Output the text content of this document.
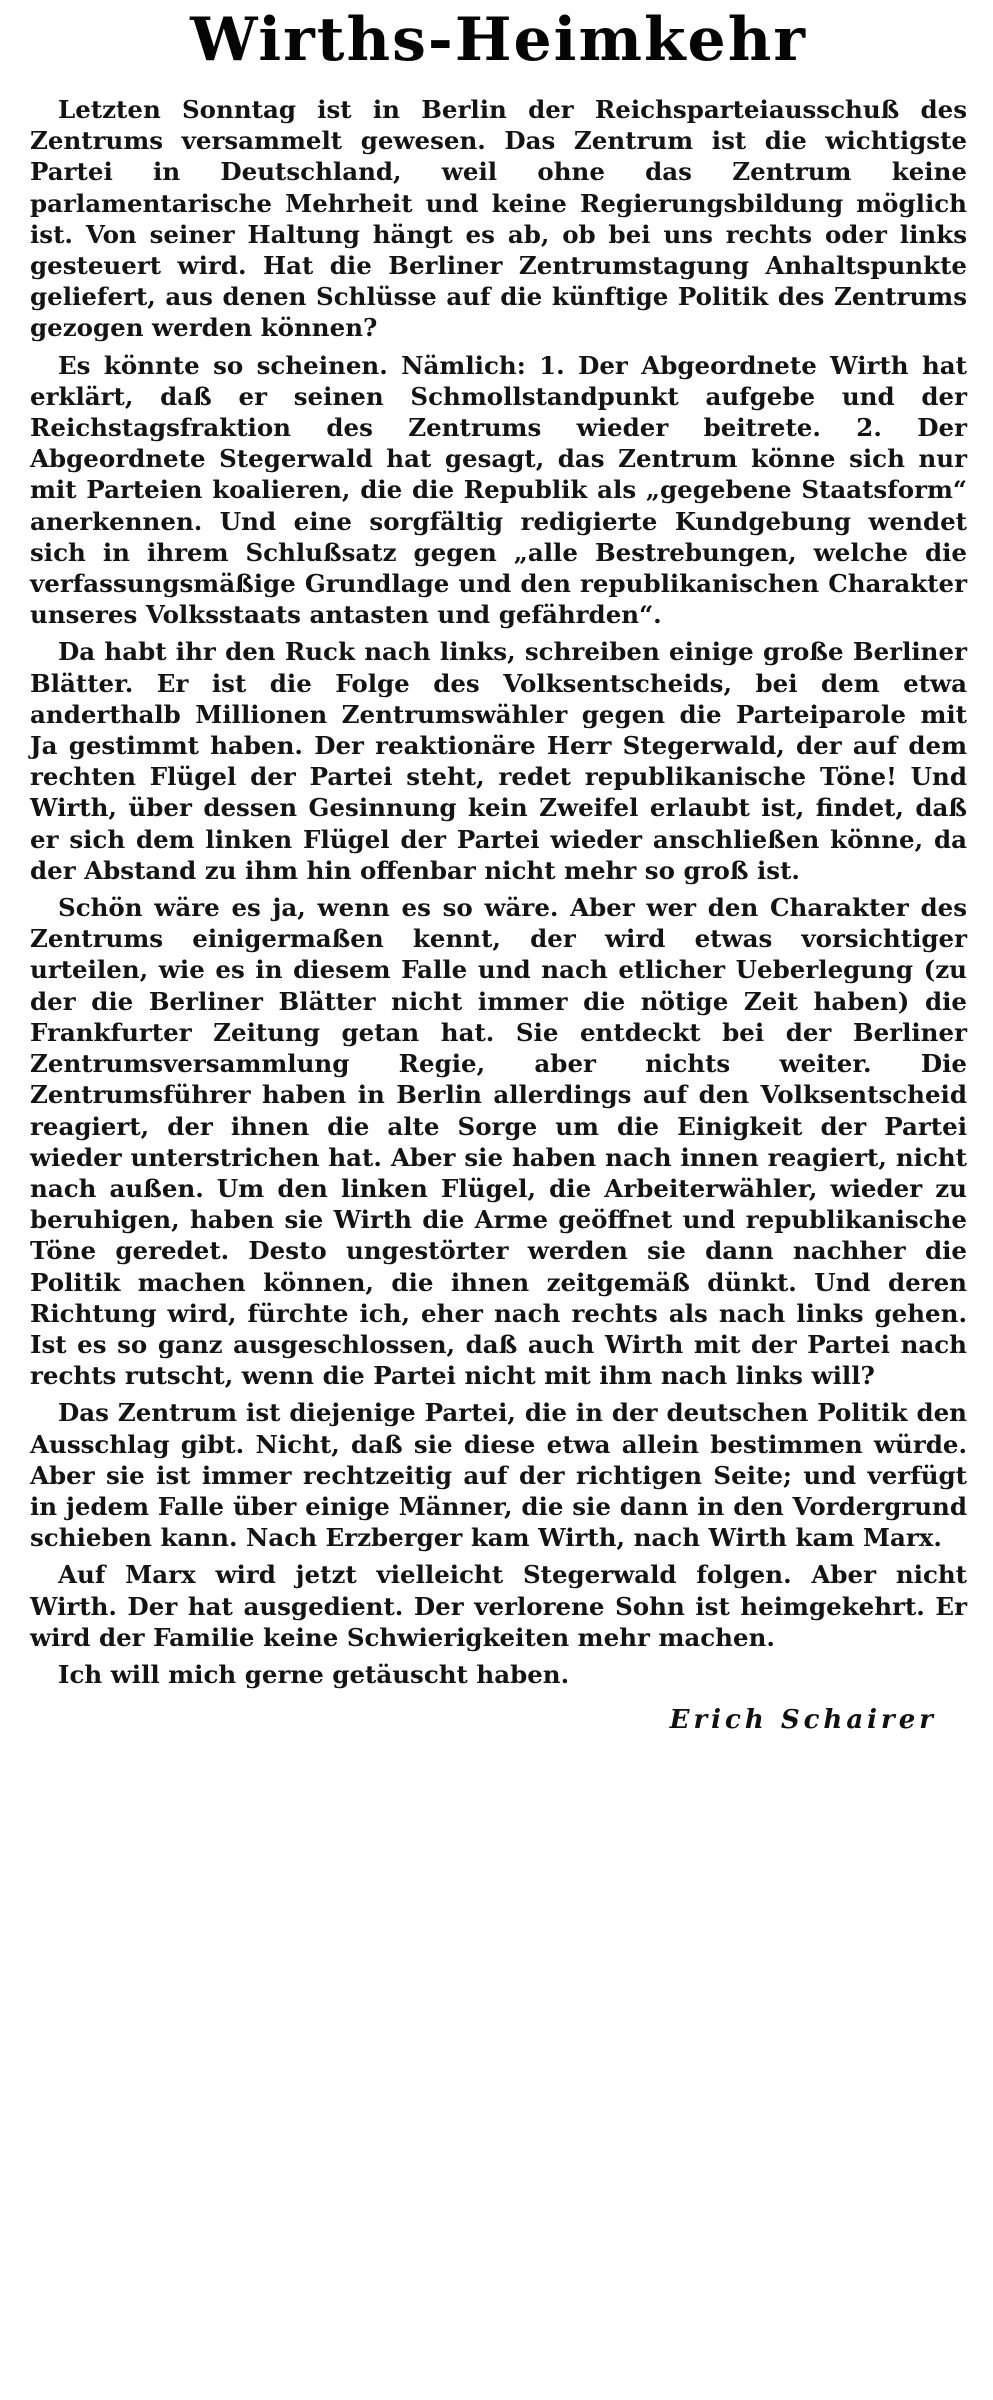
Wirths-Heimkehr

Letzten Sonntag ist in Berlin der Reichsparteiausschuß des Zentrums versammelt gewesen. Das Zentrum ist die wichtigste Partei in Deutschland, weil ohne das Zentrum keine parlamentarische Mehrheit und keine Regierungsbildung möglich ist. Von seiner Haltung hängt es ab, ob bei uns rechts oder links gesteuert wird. Hat die Berliner Zentrumstagung Anhaltspunkte geliefert, aus denen Schlüsse auf die künftige Politik des Zentrums gezogen werden können?

Es könnte so scheinen. Nämlich: 1. Der Abgeordnete Wirth hat erklärt, daß er seinen Schmollstandpunkt aufgebe und der Reichstagsfraktion des Zentrums wieder beitrete. 2. Der Abgeordnete Stegerwald hat gesagt, das Zentrum könne sich nur mit Parteien koalieren, die die Republik als „gegebene Staatsform“ anerkennen. Und eine sorgfältig redigierte Kundgebung wendet sich in ihrem Schlußsatz gegen „alle Bestrebungen, welche die verfassungsmäßige Grundlage und den republikanischen Charakter unseres Volksstaats antasten und gefährden“.

Da habt ihr den Ruck nach links, schreiben einige große Berliner Blätter. Er ist die Folge des Volksentscheids, bei dem etwa anderthalb Millionen Zentrumswähler gegen die Parteiparole mit Ja gestimmt haben. Der reaktionäre Herr Stegerwald, der auf dem rechten Flügel der Partei steht, redet republikanische Töne! Und Wirth, über dessen Gesinnung kein Zweifel erlaubt ist, findet, daß er sich dem linken Flügel der Partei wieder anschließen könne, da der Abstand zu ihm hin offenbar nicht mehr so groß ist.

Schön wäre es ja, wenn es so wäre. Aber wer den Charakter des Zentrums einigermaßen kennt, der wird etwas vorsichtiger urteilen, wie es in diesem Falle und nach etlicher Ueberlegung (zu der die Berliner Blätter nicht immer die nötige Zeit haben) die Frankfurter Zeitung getan hat. Sie entdeckt bei der Berliner Zentrumsversammlung Regie, aber nichts weiter. Die Zentrumsführer haben in Berlin allerdings auf den Volksentscheid reagiert, der ihnen die alte Sorge um die Einigkeit der Partei wieder unterstrichen hat. Aber sie haben nach innen reagiert, nicht nach außen. Um den linken Flügel, die Arbeiterwähler, wieder zu beruhigen, haben sie Wirth die Arme geöffnet und republikanische Töne geredet. Desto ungestörter werden sie dann nachher die Politik machen können, die ihnen zeitgemäß dünkt. Und deren Richtung wird, fürchte ich, eher nach rechts als nach links gehen. Ist es so ganz ausgeschlossen, daß auch Wirth mit der Partei nach rechts rutscht, wenn die Partei nicht mit ihm nach links will?

Das Zentrum ist diejenige Partei, die in der deutschen Politik den Ausschlag gibt. Nicht, daß sie diese etwa allein bestimmen würde. Aber sie ist immer rechtzeitig auf der richtigen Seite; und verfügt in jedem Falle über einige Männer, die sie dann in den Vordergrund schieben kann. Nach Erzberger kam Wirth, nach Wirth kam Marx.

Auf Marx wird jetzt vielleicht Stegerwald folgen. Aber nicht Wirth. Der hat ausgedient. Der verlorene Sohn ist heimgekehrt. Er wird der Familie keine Schwierigkeiten mehr machen.

Ich will mich gerne getäuscht haben.

Erich Schairer
